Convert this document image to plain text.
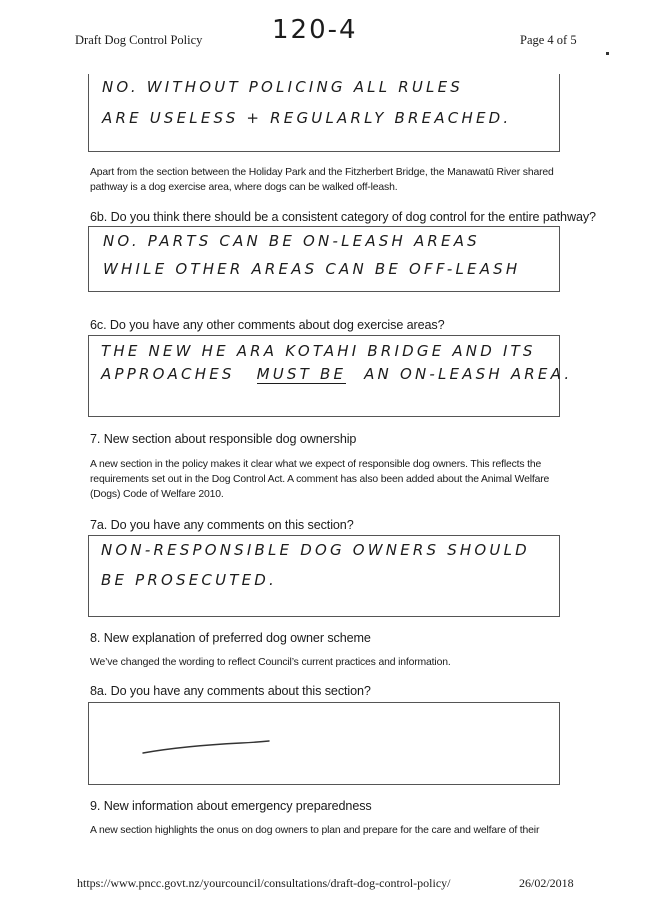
Draft Dog Control Policy	120-4	Page 4 of 5
NO. WITHOUT POLICING ALL RULES
ARE USELESS + REGULARLY BREACHED.
Apart from the section between the Holiday Park and the Fitzherbert Bridge, the Manawatū River shared pathway is a dog exercise area, where dogs can be walked off-leash.
6b. Do you think there should be a consistent category of dog control for the entire pathway?
NO. PARTS CAN BE ON-LEASH AREAS
WHILE OTHER AREAS CAN BE OFF-LEASH
6c. Do you have any other comments about dog exercise areas?
THE NEW HE ARA KOTAHI BRIDGE AND ITS
APPROACHES MUST BE AN ON-LEASH AREA.
7. New section about responsible dog ownership
A new section in the policy makes it clear what we expect of responsible dog owners. This reflects the requirements set out in the Dog Control Act. A comment has also been added about the Animal Welfare (Dogs) Code of Welfare 2010.
7a. Do you have any comments on this section?
NON-RESPONSIBLE DOG OWNERS SHOULD
BE PROSECUTED.
8. New explanation of preferred dog owner scheme
We’ve changed the wording to reflect Council’s current practices and information.
8a. Do you have any comments about this section?
9. New information about emergency preparedness
A new section highlights the onus on dog owners to plan and prepare for the care and welfare of their
https://www.pncc.govt.nz/yourcouncil/consultations/draft-dog-control-policy/	26/02/2018
